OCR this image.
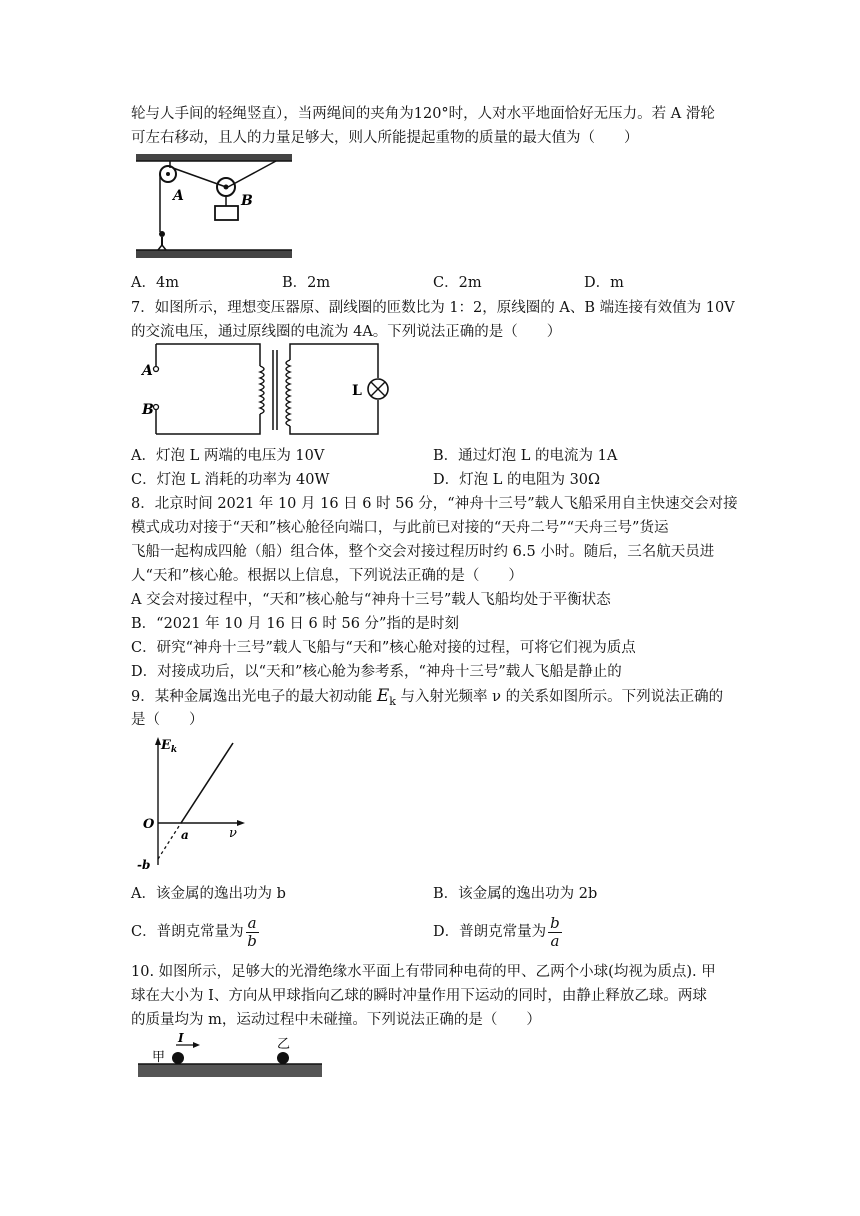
轮与人手间的轻绳竖直），当两绳间的夹角为120°时，人对水平地面恰好无压力。若 A 滑轮
可左右移动，且人的力量足够大，则人所能提起重物的质量的最大值为（　　）
A	B
A．4m	B．2m	C．2m	D．m
7．如图所示，理想变压器原、副线圈的匝数比为 1：2，原线圈的 A、B 端连接有效值为 10V
的交流电压，通过原线圈的电流为 4A。下列说法正确的是（　　）
A
B
L
A．灯泡 L 两端的电压为 10V	B．通过灯泡 L 的电流为 1A
C．灯泡 L 消耗的功率为 40W	D．灯泡 L 的电阻为 30Ω
8．北京时间 2021 年 10 月 16 日 6 时 56 分，“神舟十三号”载人飞船采用自主快速交会对接
模式成功对接于“天和”核心舱径向端口，与此前已对接的“天舟二号”“天舟三号”货运
飞船一起构成四舱（船）组合体，整个交会对接过程历时约 6.5 小时。随后，三名航天员进
人“天和”核心舱。根据以上信息，下列说法正确的是（　　）
A 交会对接过程中，“天和”核心舱与“神舟十三号”载人飞船均处于平衡状态
B．“2021 年 10 月 16 日 6 时 56 分”指的是时刻
C．研究“神舟十三号”载人飞船与“天和”核心舱对接的过程，可将它们视为质点
D．对接成功后，以“天和”核心舱为参考系，“神舟十三号”载人飞船是静止的
9．某种金属逸出光电子的最大初动能 $E_k$ 与入射光频率 ν 的关系如图所示。下列说法正确的
是（　　）
$E_k$
O
a	ν
-b
A．该金属的逸出功为 b	B．该金属的逸出功为 2b
C．普朗克常量为 $\frac{a}{b}$	D．普朗克常量为 $\frac{b}{a}$
10. 如图所示，足够大的光滑绝缘水平面上有带同种电荷的甲、乙两个小球(均视为质点). 甲
球在大小为 I、方向从甲球指向乙球的瞬时冲量作用下运动的同时，由静止释放乙球。两球
的质量均为 m，运动过程中未碰撞。下列说法正确的是（　　）
I
甲
乙
